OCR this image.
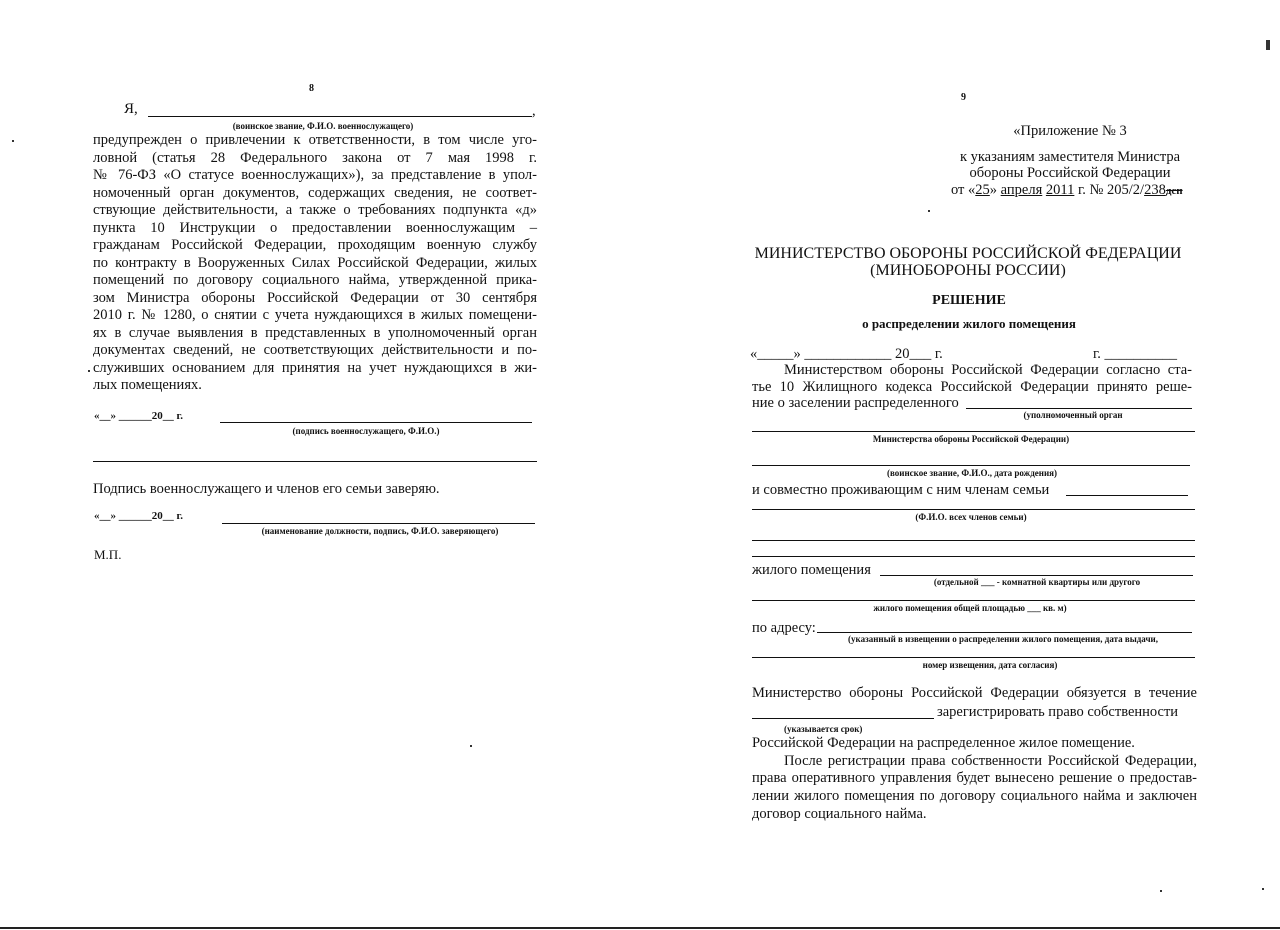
8
Я,	,
(воинское звание, Ф.И.О. военнослужащего)
предупрежден о привлечении к ответственности, в том числе уго-
ловной (статья 28 Федерального закона от 7 мая 1998 г.
№ 76-ФЗ «О статусе военнослужащих»), за представление в упол-
номоченный орган документов, содержащих сведения, не соответ-
ствующие действительности, а также о требованиях подпункта «д»
пункта 10 Инструкции о предоставлении военнослужащим –
гражданам Российской Федерации, проходящим военную службу
по контракту в Вооруженных Силах Российской Федерации, жилых
помещений по договору социального найма, утвержденной прика-
зом Министра обороны Российской Федерации от 30 сентября
2010 г. № 1280, о снятии с учета нуждающихся в жилых помещени-
ях в случае выявления в представленных в уполномоченный орган
документах сведений, не соответствующих действительности и по-
служивших основанием для принятия на учет нуждающихся в жи-
лых помещениях.
«__» ______20__ г.
(подпись военнослужащего, Ф.И.О.)
Подпись военнослужащего и членов его семьи заверяю.
«__» ______20__ г.
(наименование должности, подпись, Ф.И.О. заверяющего)
М.П.
9
«Приложение № 3
к указаниям заместителя Министра
обороны Российской Федерации
от «25» апреля 2011 г. № 205/2/238дсп
МИНИСТЕРСТВО ОБОРОНЫ РОССИЙСКОЙ ФЕДЕРАЦИИ
(МИНОБОРОНЫ РОССИИ)
РЕШЕНИЕ
о распределении жилого помещения
«_____» ____________ 20___ г.	г. __________
Министерством обороны Российской Федерации согласно ста-
тье 10 Жилищного кодекса Российской Федерации принято реше-
ние о заселении распределенного
(уполномоченный орган
Министерства обороны Российской Федерации)
(воинское звание, Ф.И.О., дата рождения)
и совместно проживающим с ним членам семьи
(Ф.И.О. всех членов семьи)
жилого помещения
(отдельной ___ - комнатной квартиры или другого
жилого помещения общей площадью ___ кв. м)
по адресу:
(указанный в извещении о распределении жилого помещения, дата выдачи,
номер извещения, дата согласия)
Министерство обороны Российской Федерации обязуется в течение
зарегистрировать право собственности
(указывается срок)
Российской Федерации на распределенное жилое помещение.
После регистрации права собственности Российской Федерации,
права оперативного управления будет вынесено решение о предостав-
лении жилого помещения по договору социального найма и заключен
договор социального найма.
